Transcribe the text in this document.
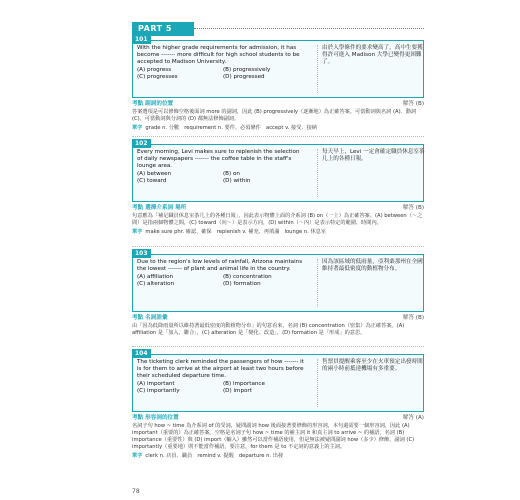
PART 5
101
With the higher grade requirements for admission, it has become ------- more difficult for high school students to be accepted to Madison University.
(A) progress	(B) progressively
(C) progresses	(D) progressed
由於入學條件的要求變高了，高中生要獲得許可進入 Madison 大學已變得更困難了。
考點 副詞的位置	解答 (B)
答案選項是可以修飾空格後面詞 more 的副詞，因此 (B) progressively（逐漸地）為正確答案。可當動詞與名詞 (A)、動詞 (C)、可當動詞與分詞的 (D) 都無法修飾副詞。
單字 grade n. 分數　requirement n. 要件、必須條件　accept v. 接受、接納
102
Every morning, Levi makes sure to replenish the selection of daily newspapers ------- the coffee table in the staff's lounge area.
(A) between	(B) on
(C) toward	(D) within
每天早上，Levi 一定會確定職員休息室茶几上的各種日報。
考點 選擇介系詞 場所	解答 (B)
句意應為「補足職員休息室茶几上的各種日報」，因此表示物體上面的介系詞 (B) on（一上）為正確答案。(A) between（～之間）是指兩個物體之間，(C) toward（向～）是表示方向，(D) within（～內）是表示特定的範圍、時間內。
單字 make sure phr. 確認、確保　replenish v. 補充、再填滿　lounge n. 休息室
103
Due to the region's low levels of rainfall, Arizona maintains the lowest ------- of plant and animal life in the country.
(A) affiliation	(B) concentration
(C) alteration	(D) formation
因為該區域的低雨量，亞利桑那州在全國維持著最低密度的動植物分布。
考點 名詞語彙	解答 (B)
由「因為低降雨量所以維持著最低密度的動植物分布」的句意看來，名詞 (B) concentration（密集）為正確答案。(A) affiliation 是「加入、聯合」，(C) alteration 是「變化、改造」，(D) formation 是「形成」的意思。
104
The ticketing clerk reminded the passengers of how ------- it is for them to arrive at the airport at least two hours before their scheduled departure time.
(A) important	(B) importance
(C) importantly	(D) import
售票員提醒乘客至少在火車預定出發時間的兩小時前抵達機場有多重要。
考點 形容詞的位置	解答 (A)
名詞子句 how ~ time 為介系詞 of 的受詞，疑問副詞 how 後面接著要修飾的形容詞，本句還需要一個形容詞，因此 (A) important（重要的）為正確答案。空格是名詞子句 how ~ time 的補主詞 it 和真主詞 to arrive ~ 的補語，名詞 (B) importance（重要性）與 (D) import（輸入）雖然可以當作補語使用，但是無法被疑問副詞 how（多少）修飾，副詞 (C) importantly（重要地）則不能當作補語，要注意，for them 是 to 不定詞的意義上的主詞。
單字 clerk n. 店員、職員　remind v. 提醒　departure n. 出發
78
